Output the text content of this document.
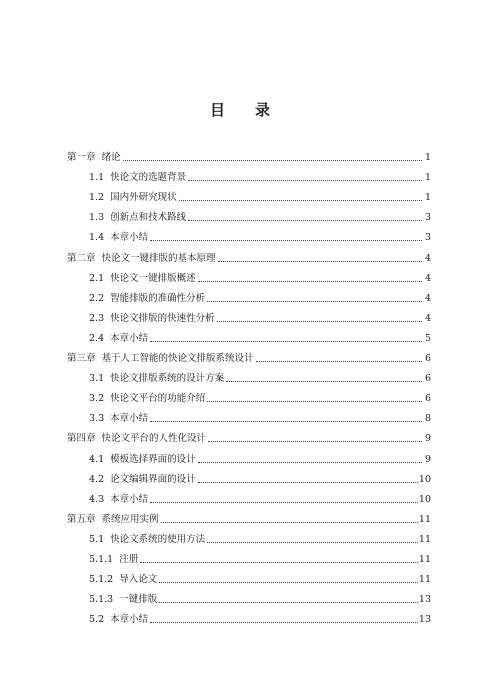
目 录
第一章 绪论	1
1.1 快论文的选题背景	1
1.2 国内外研究现状	1
1.3 创新点和技术路线	3
1.4 本章小结	3
第二章 快论文一键排版的基本原理	4
2.1 快论文一键排版概述	4
2.2 智能排版的准确性分析	4
2.3 快论文排版的快速性分析	4
2.4 本章小结	5
第三章 基于人工智能的快论文排版系统设计	6
3.1 快论文排版系统的设计方案	6
3.2 快论文平台的功能介绍	6
3.3 本章小结	8
第四章 快论文平台的人性化设计	9
4.1 模板选择界面的设计	9
4.2 论文编辑界面的设计	10
4.3 本章小结	10
第五章 系统应用实例	11
5.1 快论文系统的使用方法	11
5.1.1 注册	11
5.1.2 导入论文	11
5.1.3 一键排版	13
5.2 本章小结	13
